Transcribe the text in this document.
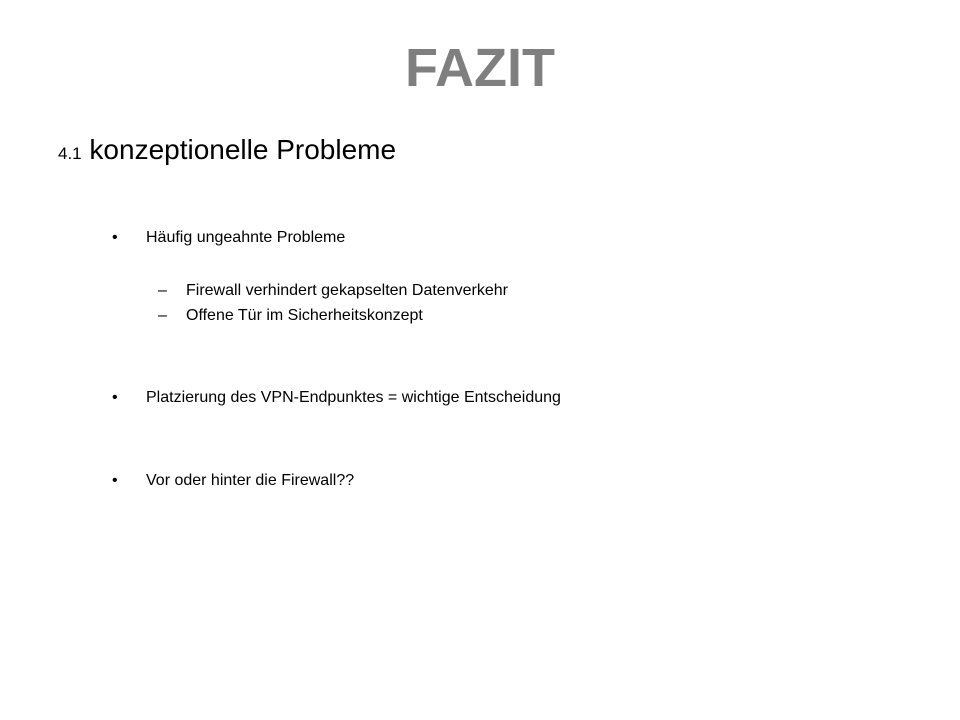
FAZIT
4.1 konzeptionelle Probleme
• Häufig ungeahnte Probleme
– Firewall verhindert gekapselten Datenverkehr
– Offene Tür im Sicherheitskonzept
• Platzierung des VPN-Endpunktes = wichtige Entscheidung
• Vor oder hinter die Firewall??
